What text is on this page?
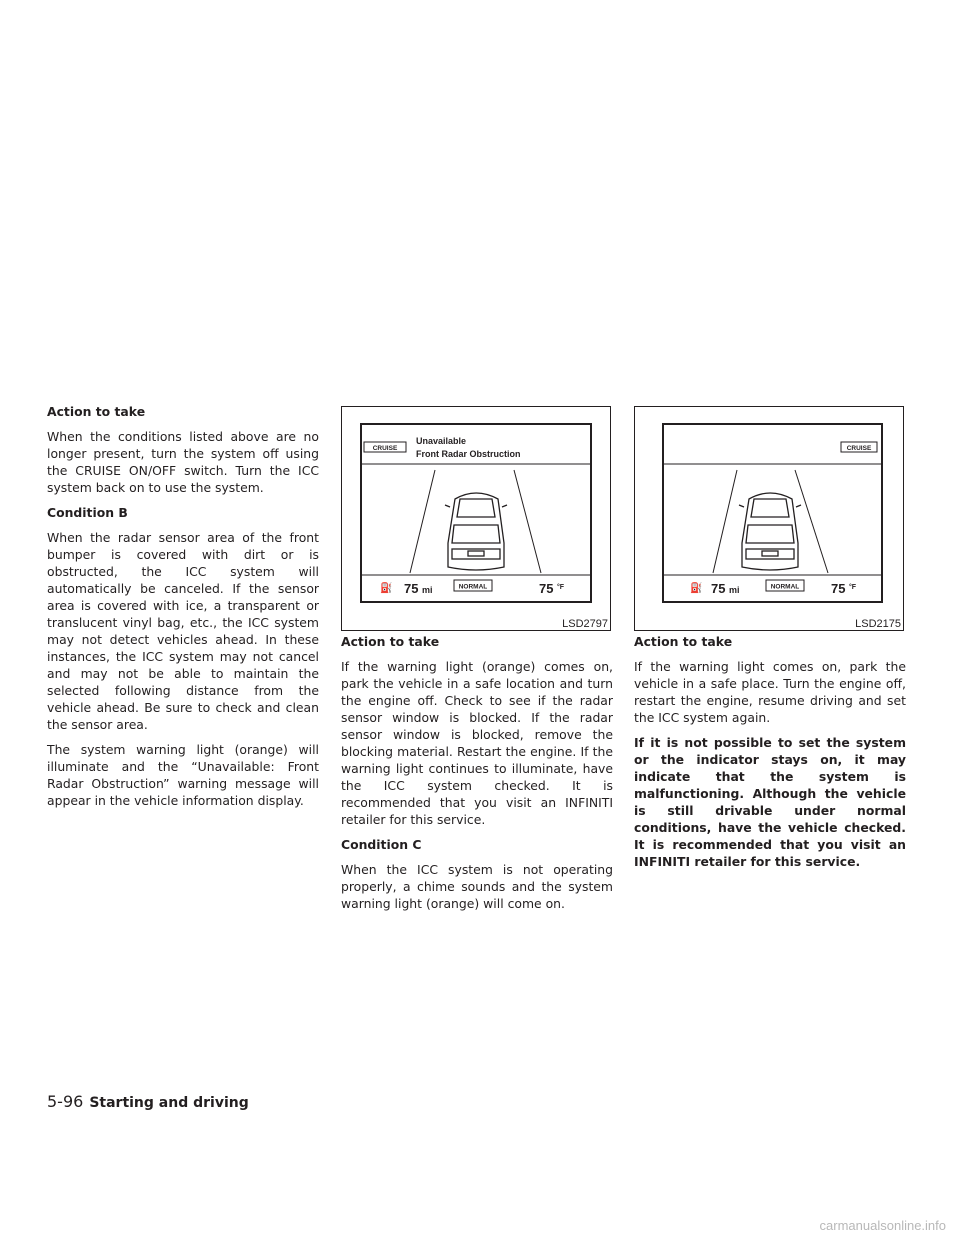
Action to take

When the conditions listed above are no longer present, turn the system off using the CRUISE ON/OFF switch. Turn the ICC system back on to use the system.

Condition B

When the radar sensor area of the front bumper is covered with dirt or is obstructed, the ICC system will automatically be canceled. If the sensor area is covered with ice, a transparent or translucent vinyl bag, etc., the ICC system may not detect vehicles ahead. In these instances, the ICC system may not cancel and may not be able to maintain the selected following distance from the vehicle ahead. Be sure to check and clean the sensor area.

The system warning light (orange) will illuminate and the “Unavailable: Front Radar Obstruction” warning message will appear in the vehicle information display.

CRUISE
Unavailable
Front Radar Obstruction
⛽ 75 mi	NORMAL	75 °F
LSD2797
CRUISE
⛽ 75 mi	NORMAL 75 °F
LSD2175
Action to take

If the warning light (orange) comes on, park the vehicle in a safe location and turn the engine off. Check to see if the radar sensor window is blocked. If the radar sensor window is blocked, remove the blocking material. Restart the engine. If the warning light continues to illuminate, have the ICC system checked. It is recommended that you visit an INFINITI retailer for this service.

Condition C

When the ICC system is not operating properly, a chime sounds and the system warning light (orange) will come on.

Action to take

If the warning light comes on, park the vehicle in a safe place. Turn the engine off, restart the engine, resume driving and set the ICC system again.

If it is not possible to set the system or the indicator stays on, it may indicate that the system is malfunctioning. Although the vehicle is still drivable under normal conditions, have the vehicle checked. It is recommended that you visit an INFINITI retailer for this service.

5-96 Starting and driving
carmanualsonline.info
